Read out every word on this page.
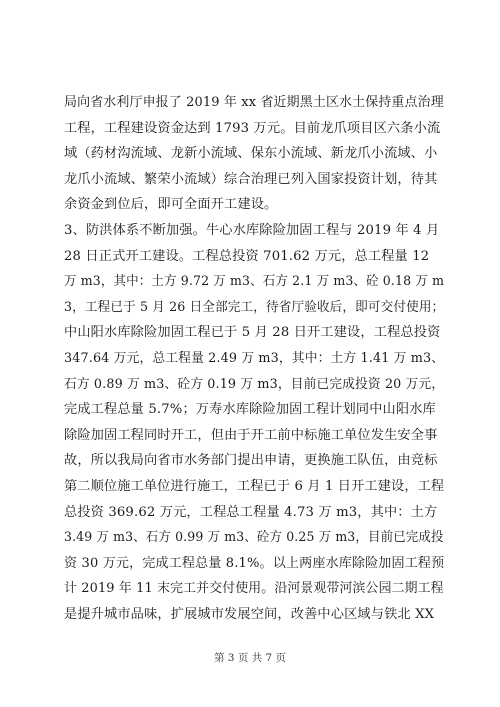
局向省水利厅申报了 2019 年 xx 省近期黑土区水土保持重点治理
工程，工程建设资金达到 1793 万元。目前龙爪项目区六条小流
域（药材沟流域、龙新小流域、保东小流域、新龙爪小流域、小
龙爪小流域、繁荣小流域）综合治理已列入国家投资计划，待其
余资金到位后，即可全面开工建设。
3、防洪体系不断加强。牛心水库除险加固工程与 2019 年 4 月
28 日正式开工建设。工程总投资 701.62 万元，总工程量 12
万 m3，其中：土方 9.72 万 m3、石方 2.1 万 m3、砼 0.18 万 m
3，工程已于 5 月 26 日全部完工，待省厅验收后，即可交付使用；
中山阳水库除险加固工程已于 5 月 28 日开工建设，工程总投资
347.64 万元，总工程量 2.49 万 m3，其中：土方 1.41 万 m3、
石方 0.89 万 m3、砼方 0.19 万 m3，目前已完成投资 20 万元，
完成工程总量 5.7%；万寿水库除险加固工程计划同中山阳水库
除险加固工程同时开工，但由于开工前中标施工单位发生安全事
故，所以我局向省市水务部门提出申请，更换施工队伍，由竞标
第二顺位施工单位进行施工，工程已于 6 月 1 日开工建设，工程
总投资 369.62 万元，工程总工程量 4.73 万 m3，其中：土方
3.49 万 m3、石方 0.99 万 m3、砼方 0.25 万 m3，目前已完成投
资 30 万元，完成工程总量 8.1%。以上两座水库除险加固工程预
计 2019 年 11 末完工并交付使用。沿河景观带河滨公园二期工程
是提升城市品味，扩展城市发展空间，改善中心区域与铁北 XX
第 3 页 共 7 页
